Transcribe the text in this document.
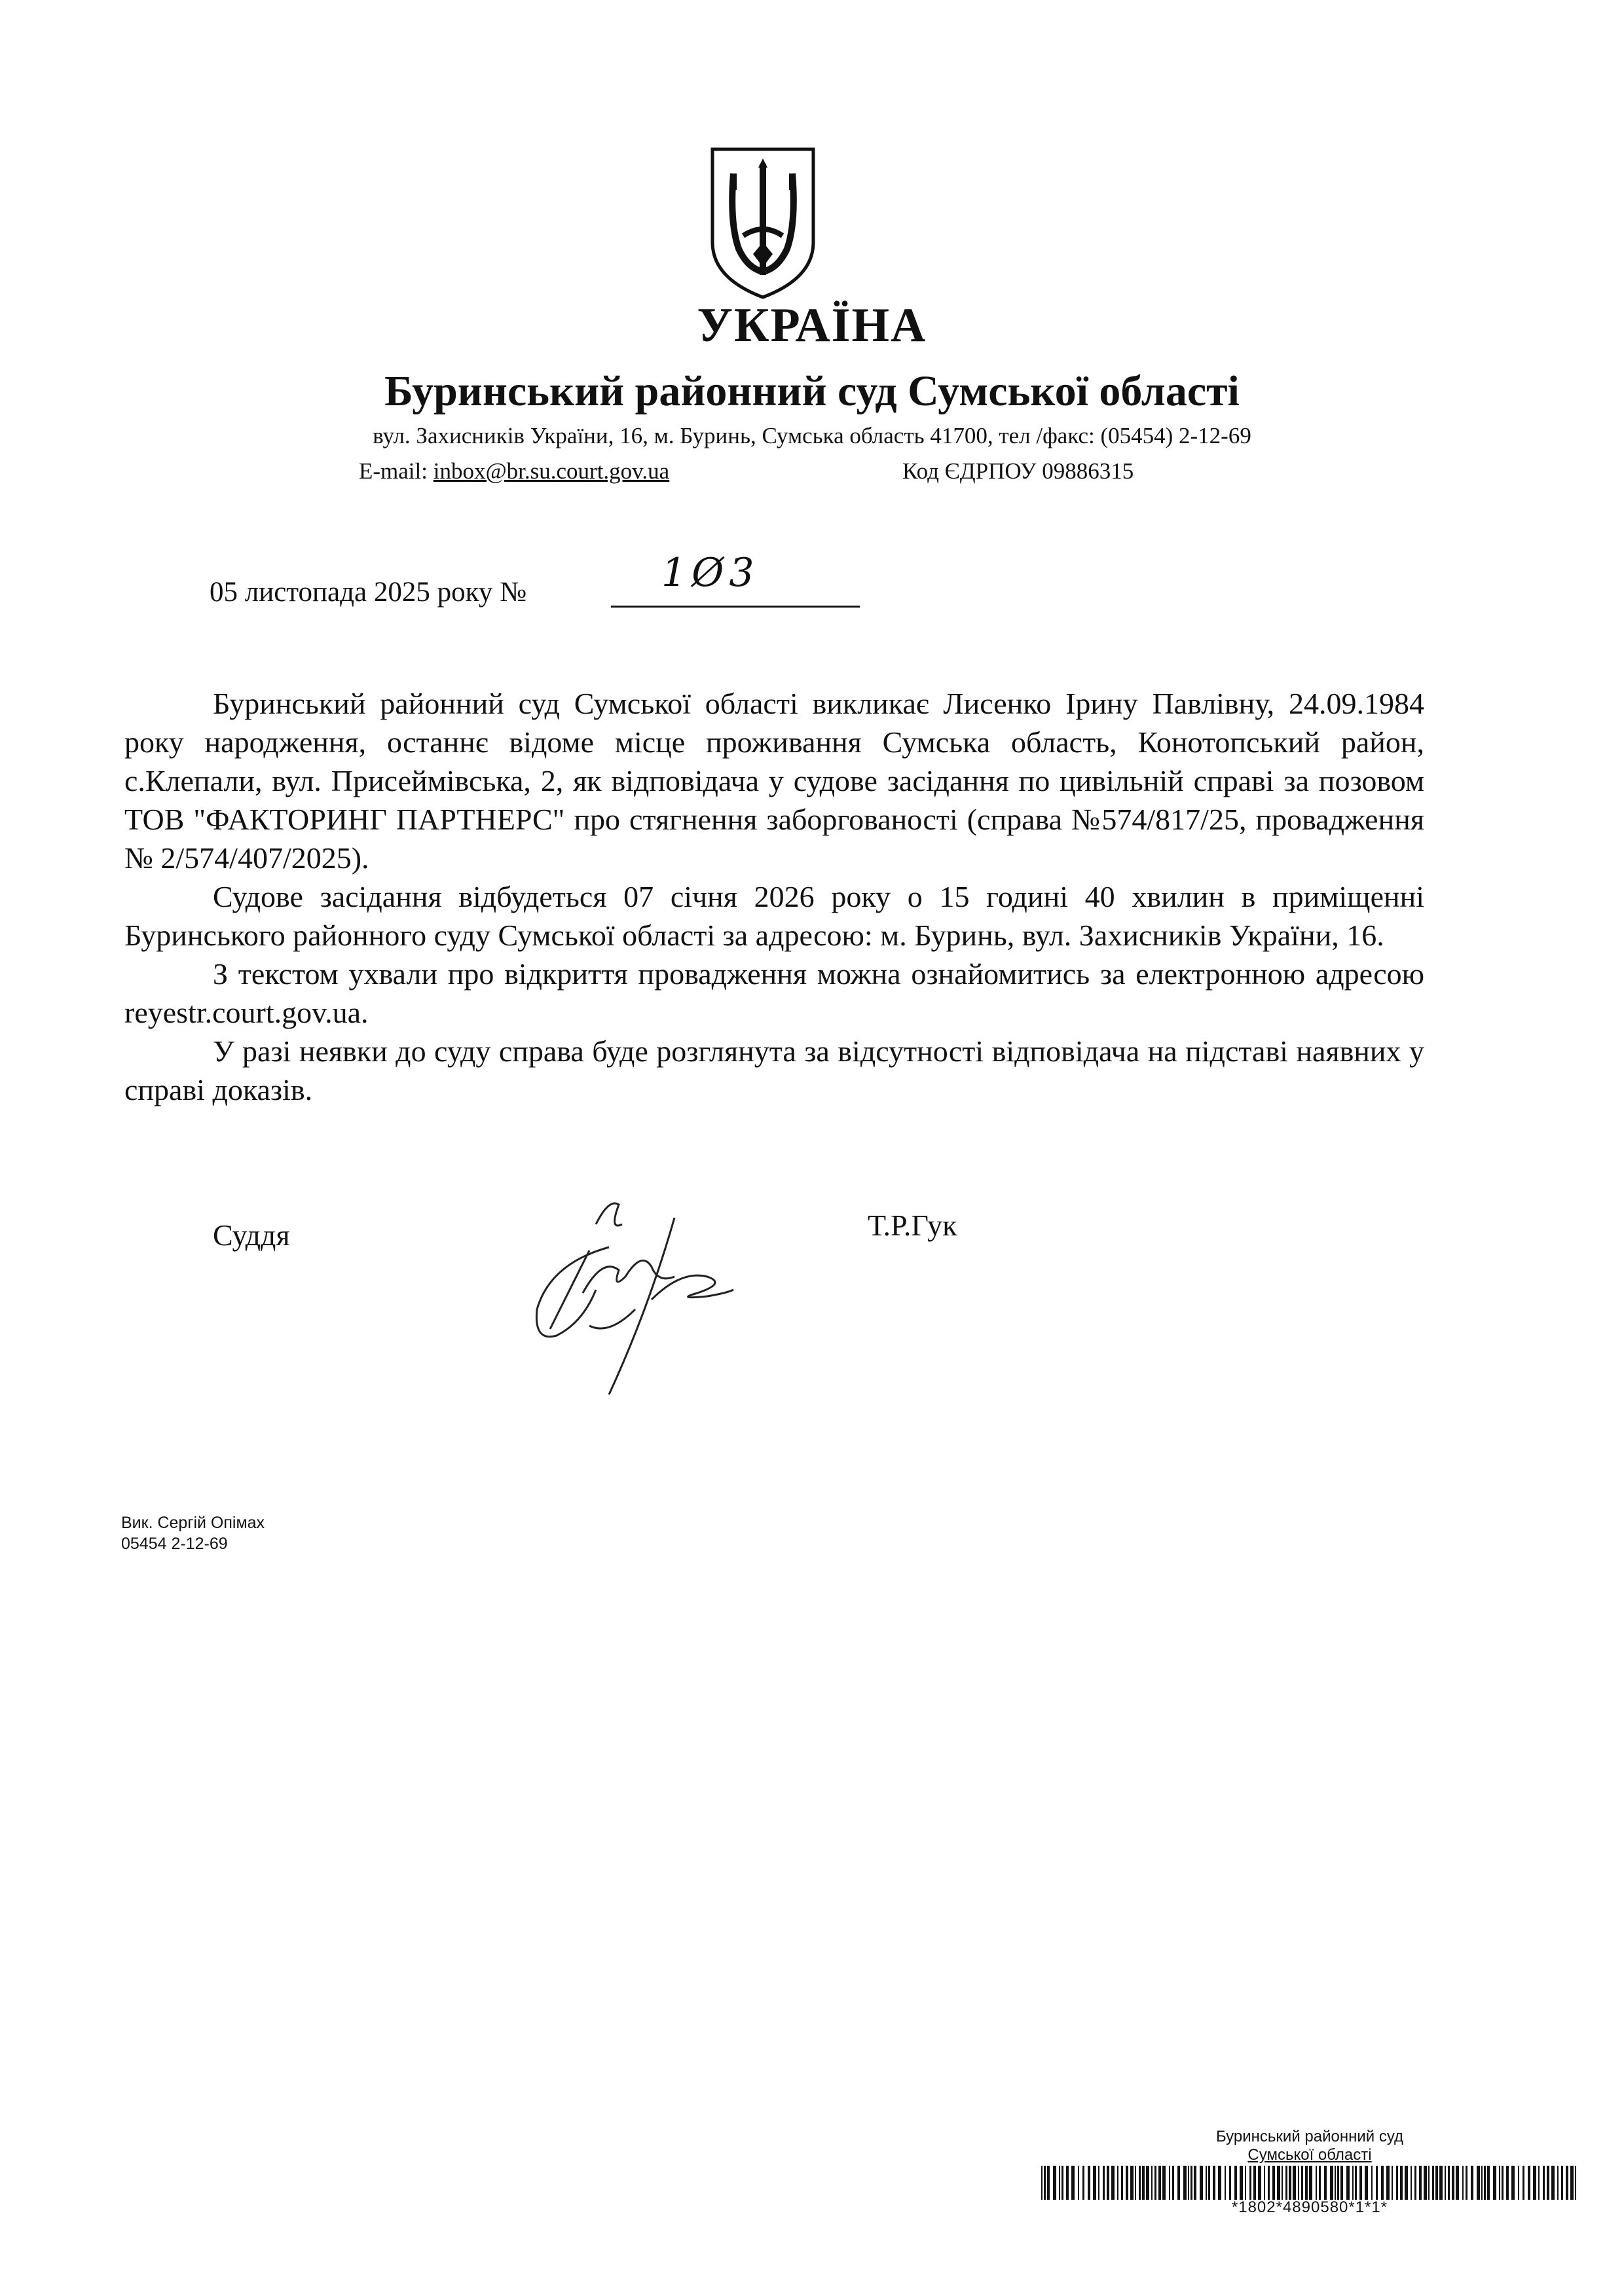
УКРАЇНА
Буринський районний суд Сумської області
вул. Захисників України, 16, м. Буринь, Сумська область 41700, тел /факс: (05454) 2-12-69
E-mail: inbox@br.su.court.gov.ua	Код ЄДРПОУ 09886315
05 листопада 2025 року №	1Ø3

Буринський районний суд Сумської області викликає Лисенко Ірину Павлівну, 24.09.1984 року народження, останнє відоме місце проживання Сумська область, Конотопський район, с.Клепали, вул. Присеймівська, 2, як відповідача у судове засідання по цивільній справі за позовом ТОВ "ФАКТОРИНГ ПАРТНЕРС" про стягнення заборгованості (справа №574/817/25, провадження № 2/574/407/2025).

Судове засідання відбудеться 07 січня 2026 року о 15 годині 40 хвилин в приміщенні Буринського районного суду Сумської області за адресою: м. Буринь, вул. Захисників України, 16.

З текстом ухвали про відкриття провадження можна ознайомитись за електронною адресою reyestr.court.gov.ua.

У разі неявки до суду справа буде розглянута за відсутності відповідача на підставі наявних у справі доказів.

Суддя	Т.Р.Гук
Вик. Сергій Опімах
05454 2-12-69
Буринський районний суд
Сумської області
*1802*4890580*1*1*
